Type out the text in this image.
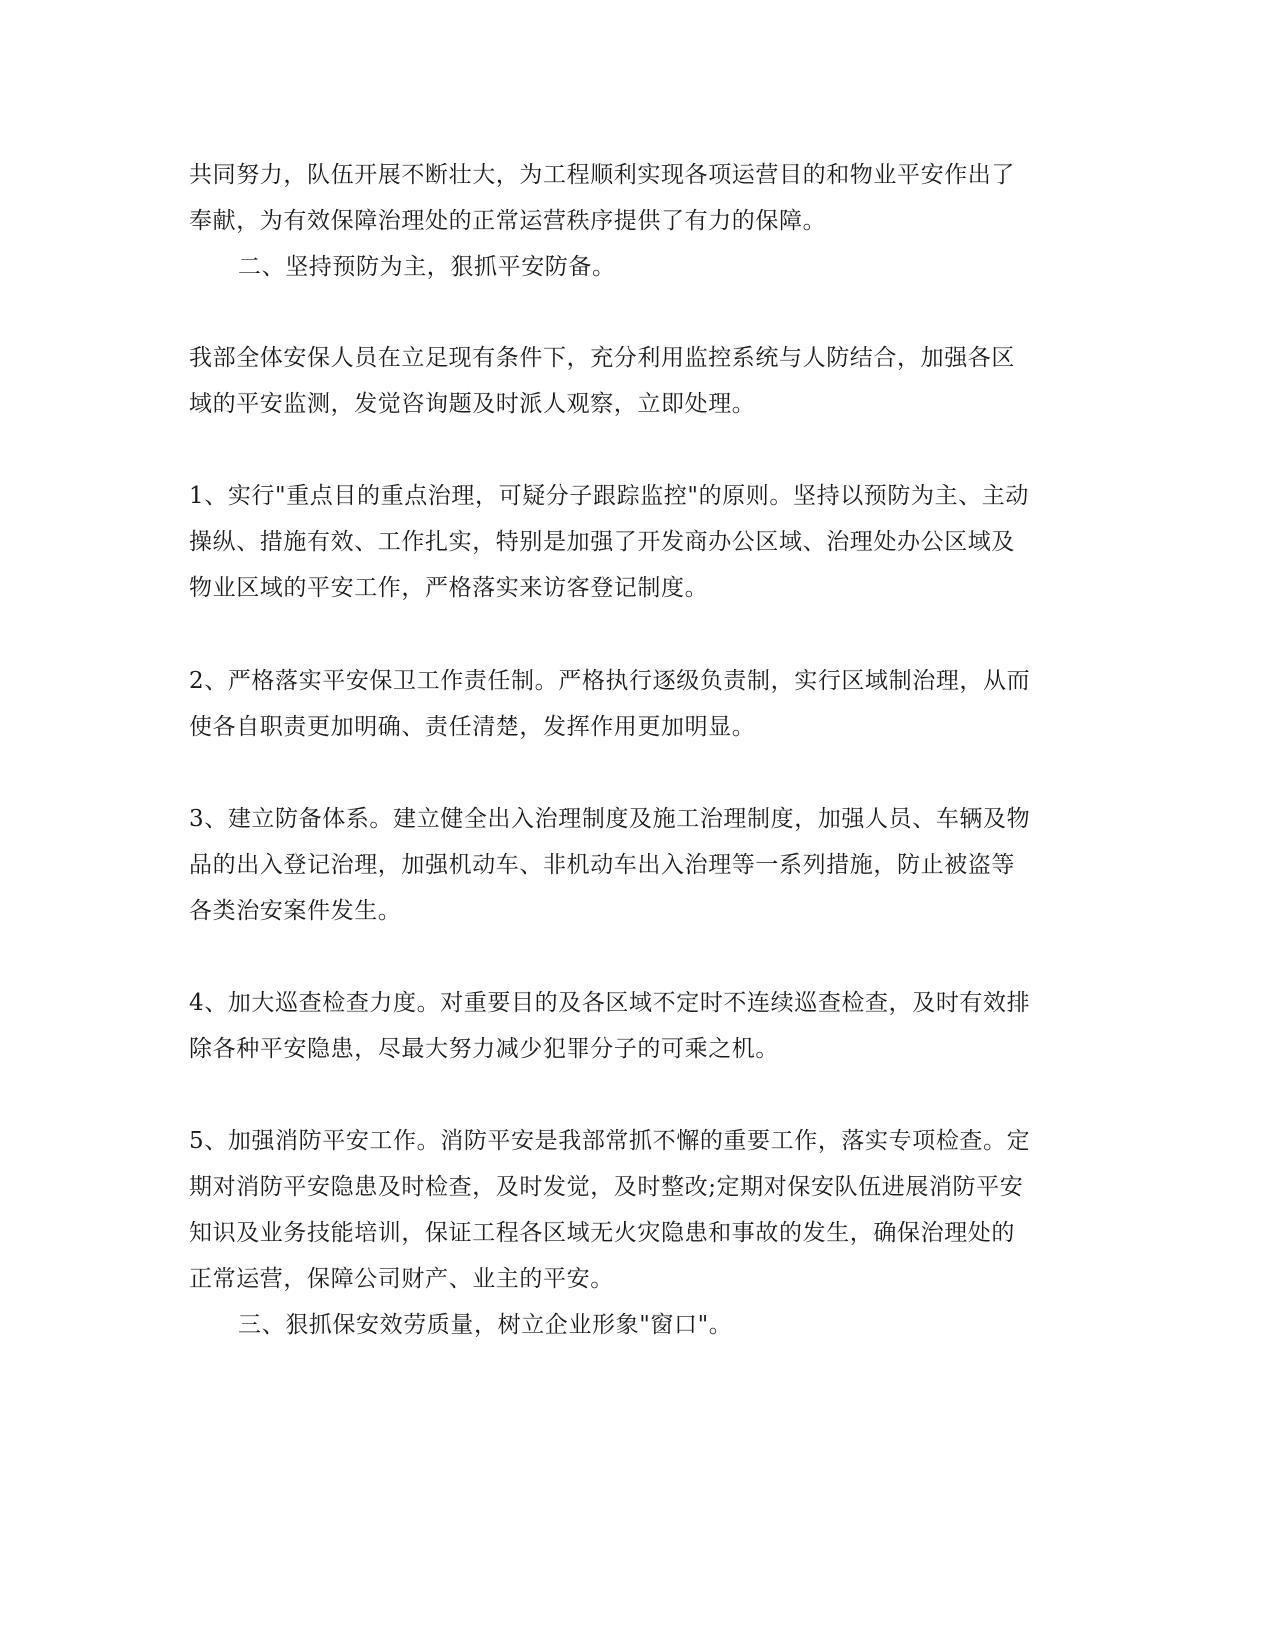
共同努力，队伍开展不断壮大，为工程顺利实现各项运营目的和物业平安作出了
奉献，为有效保障治理处的正常运营秩序提供了有力的保障。
二、坚持预防为主，狠抓平安防备。
我部全体安保人员在立足现有条件下，充分利用监控系统与人防结合，加强各区
域的平安监测，发觉咨询题及时派人观察，立即处理。
1、实行"重点目的重点治理，可疑分子跟踪监控"的原则。坚持以预防为主、主动
操纵、措施有效、工作扎实，特别是加强了开发商办公区域、治理处办公区域及
物业区域的平安工作，严格落实来访客登记制度。
2、严格落实平安保卫工作责任制。严格执行逐级负责制，实行区域制治理，从而
使各自职责更加明确、责任清楚，发挥作用更加明显。
3、建立防备体系。建立健全出入治理制度及施工治理制度，加强人员、车辆及物
品的出入登记治理，加强机动车、非机动车出入治理等一系列措施，防止被盗等
各类治安案件发生。
4、加大巡查检查力度。对重要目的及各区域不定时不连续巡查检查，及时有效排
除各种平安隐患，尽最大努力减少犯罪分子的可乘之机。
5、加强消防平安工作。消防平安是我部常抓不懈的重要工作，落实专项检查。定
期对消防平安隐患及时检查，及时发觉，及时整改;定期对保安队伍进展消防平安
知识及业务技能培训，保证工程各区域无火灾隐患和事故的发生，确保治理处的
正常运营，保障公司财产、业主的平安。
三、狠抓保安效劳质量，树立企业形象"窗口"。
